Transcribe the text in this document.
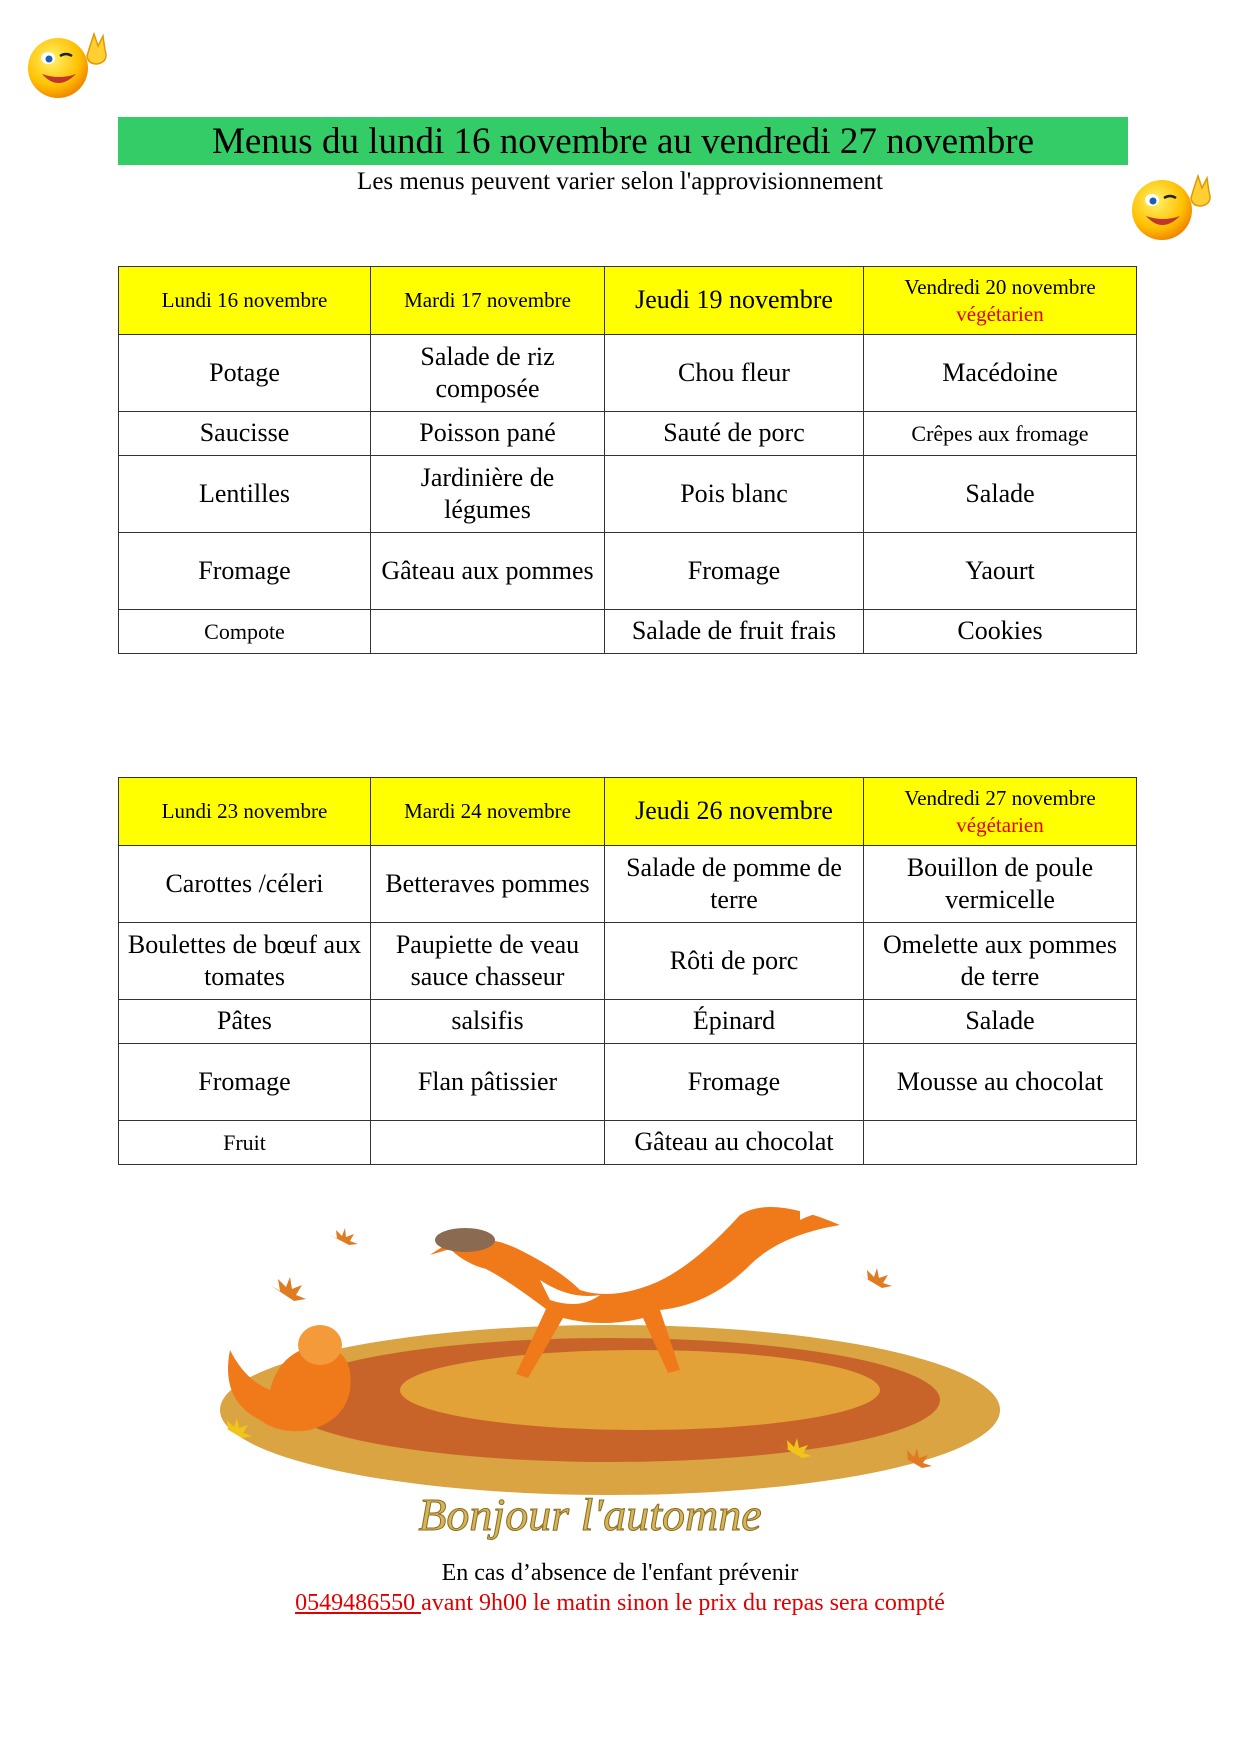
Menus du lundi 16 novembre au vendredi 27 novembre
Les menus peuvent varier selon l'approvisionnement
Lundi 16 novembre	Mardi 17 novembre	Jeudi 19 novembre	Vendredi 20 novembre
végétarien

Potage	Salade de riz composée	Chou fleur	Macédoine
Saucisse	Poisson pané	Sauté de porc	Crêpes aux fromage
Lentilles	Jardinière de légumes	Pois blanc	Salade
Fromage	Gâteau aux pommes	Fromage	Yaourt
Compote		Salade de fruit frais	Cookies
Lundi 23 novembre	Mardi 24 novembre	Jeudi 26 novembre	Vendredi 27 novembre
végétarien

Carottes /céleri	Betteraves pommes	Salade de pomme de terre	Bouillon de poule vermicelle
Boulettes de bœuf aux tomates	Paupiette de veau sauce chasseur	Rôti de porc	Omelette aux pommes de terre
Pâtes	salsifis	Épinard	Salade
Fromage	Flan pâtissier	Fromage	Mousse au chocolat
Fruit		Gâteau au chocolat	
Bonjour l'automne
En cas d’absence de l'enfant prévenir
0549486550 avant 9h00 le matin sinon le prix du repas sera compté
